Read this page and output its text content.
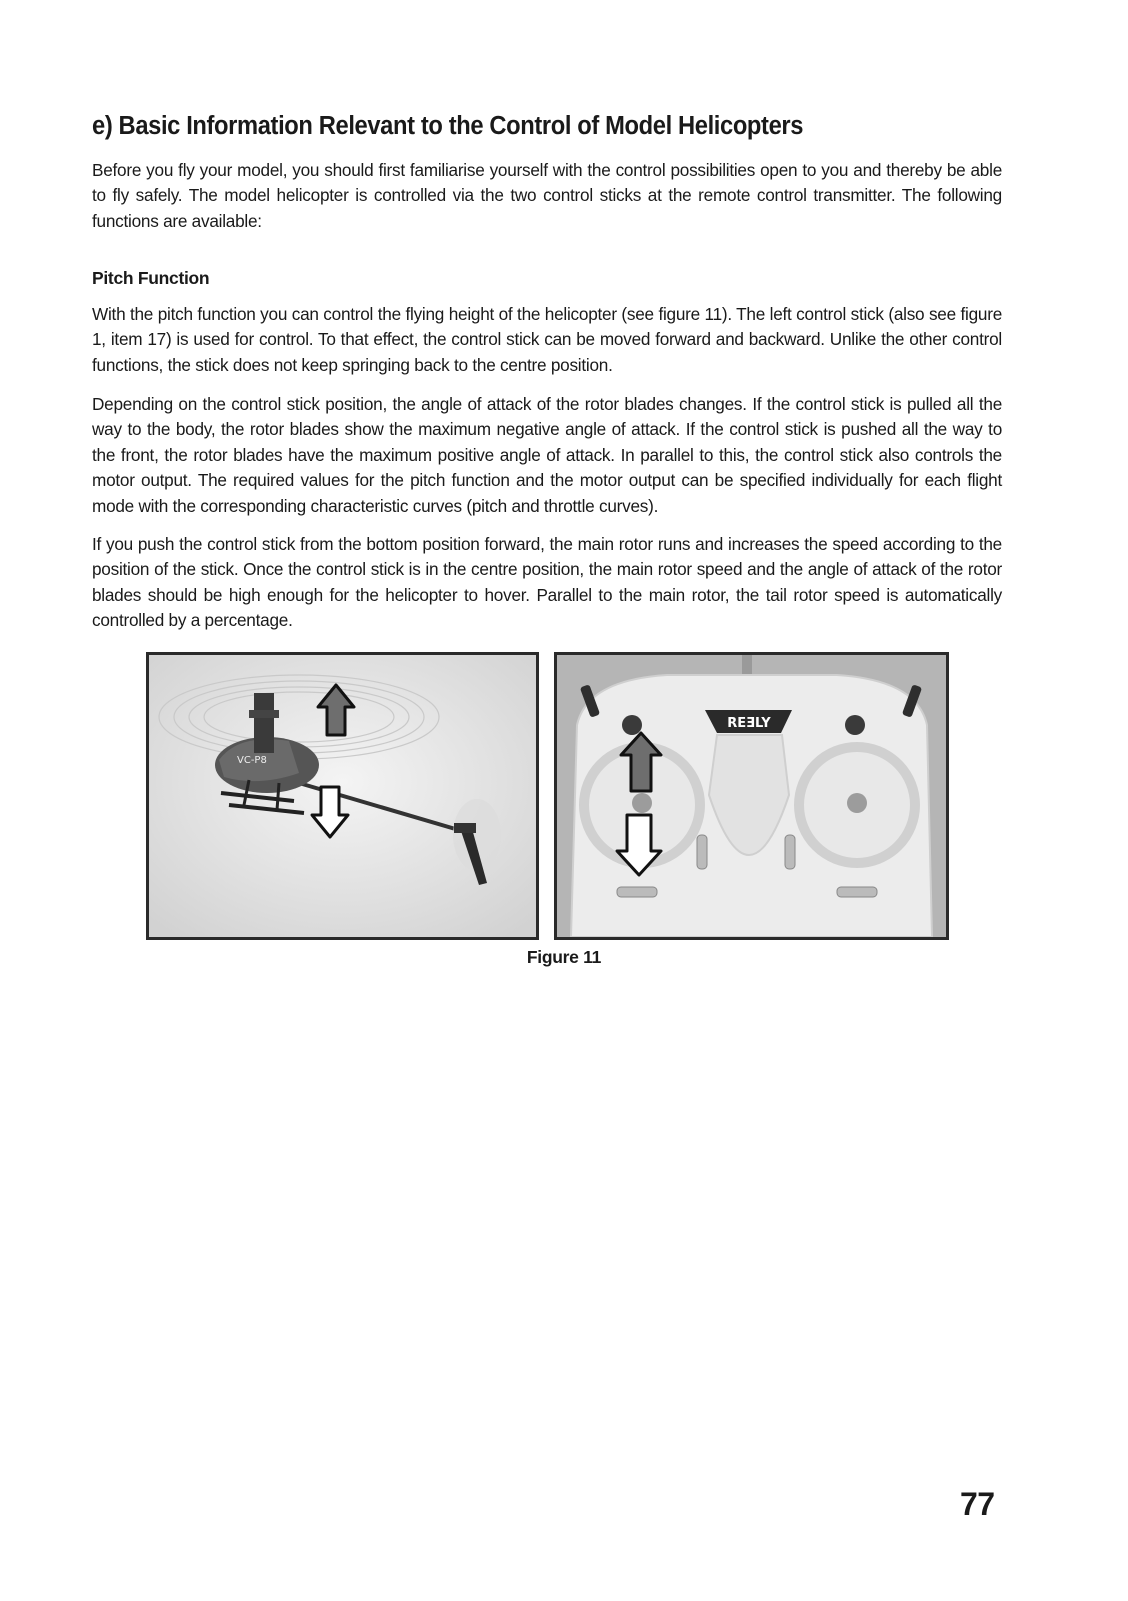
e) Basic Information Relevant to the Control of Model Helicopters

Before you fly your model, you should first familiarise yourself with the control possibilities open to you and thereby be able to fly safely. The model helicopter is controlled via the two control sticks at the remote control transmitter. The following functions are available:

Pitch Function

With the pitch function you can control the flying height of the helicopter (see figure 11). The left control stick (also see figure 1, item 17) is used for control. To that effect, the control stick can be moved forward and backward. Unlike the other control functions, the stick does not keep springing back to the centre position.

Depending on the control stick position, the angle of attack of the rotor blades changes. If the control stick is pulled all the way to the body, the rotor blades show the maximum negative angle of attack. If the control stick is pushed all the way to the front, the rotor blades have the maximum positive angle of attack. In parallel to this, the control stick also controls the motor output. The required values for the pitch function and the motor output can be specified individually for each flight mode with the corresponding characteristic curves (pitch and throttle curves).

If you push the control stick from the bottom position forward, the main rotor runs and increases the speed according to the position of the stick. Once the control stick is in the centre position, the main rotor speed and the angle of attack of the rotor blades should be high enough for the helicopter to hover. Parallel to the main rotor, the tail rotor speed is automatically controlled by a percentage.

VC-P8
REƎLY
Figure 11
77
